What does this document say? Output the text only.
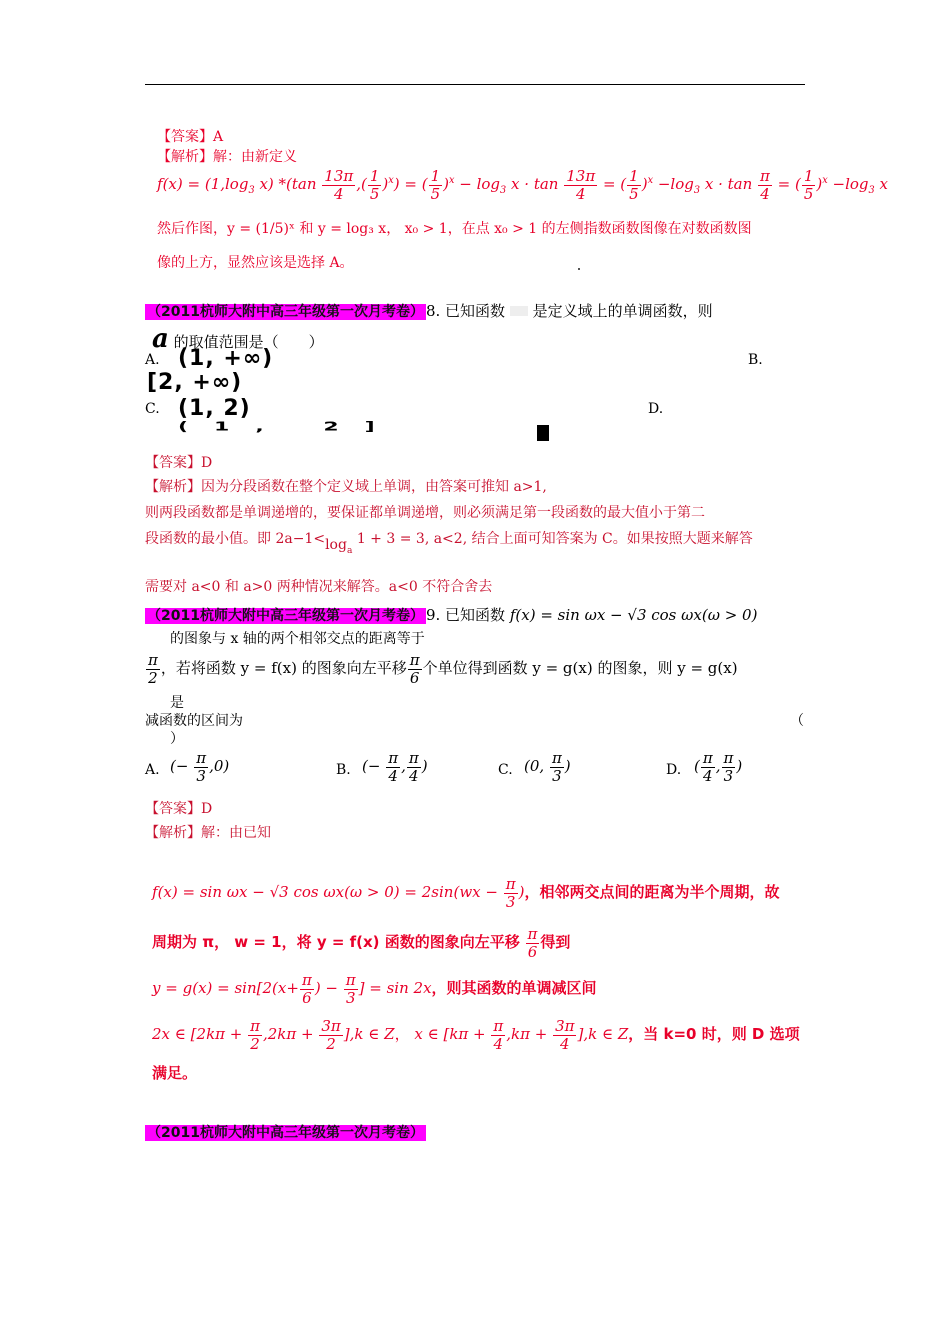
【答案】A
【解析】解：由新定义
$f(x) = (1,\log_3$ x) $*(\tan \frac{13\pi}{4}$ ,( $\frac{1}{5} )^x$) = ( $\frac{1}{5} )^x - \log_3 x \cdot \tan \frac{13\pi}{4}$ = ( $\frac{1}{5} )^x -\log_3$ $x \cdot \tan \frac{\pi}{4}$ = ( $\frac{1}{5} )^x -\log_3$ x
然后作图，y = (1/5)ˣ 和 y = log₃ x， x₀ > 1，在点 x₀ > 1 的左侧指数函数图像在对数函数图
像的上方，显然应该是选择 A。
（2011杭师大附中高三年级第一次月考卷） 8. 已知函数 是定义域上的单调函数，则
a 的取值范围是（　　）
A. (1, +∞)	B.
[2, +∞)
C. (1, 2)	D.
(1, 2]
【答案】D
【解析】因为分段函数在整个定义域上单调，由答案可推知 a>1,
则两段函数都是单调递增的，要保证都单调递增，则必须满足第一段函数的最大值小于第二
段函数的最小值。即 $2a-1<\log_a$ 1 + 3 = 3, a<2, 结合上面可知答案为 C。如果按照大题来解答
需要对 a<0 和 a>0 两种情况来解答。a<0 不符合舍去
（2011杭师大附中高三年级第一次月考卷） 9. 已知函数 f(x) = sin ωx − √3 cos ωx(ω > 0)
的图象与 x 轴的两个相邻交点的距离等于
$\frac{\pi}{2}$ ，若将函数 y = f(x) 的图象向左平移 $\frac{\pi}{6}$ 个单位得到函数 y = g(x) 的图象，则 y = g(x)
是
减函数的区间为	（
）
A. (− $\frac{\pi}{3} ,0$)	B. (− $\frac{\pi}{4}$ , $\frac{\pi}{4}$ )	C. (0, $\frac{\pi}{3}$ )	D. ( $\frac{\pi}{4}$ , $\frac{\pi}{3}$ )
【答案】D
【解析】解：由已知
f(x) = sin ωx − √3 $\cos \omega x(\omega > 0) = 2\sin(wx - \frac{\pi}{3}$ )，相邻两交点间的距离为半个周期，故
周期为 π， w = 1，将 y = f(x) 函数的图象向左平移 $\frac{\pi}{6}$ 得到
$y = g(x) = \sin[2(x+ \frac{\pi}{6}$ ) − $\frac{\pi}{3}$ ] = sin 2x，则其函数的单调减区间
2x ∈ $[2k\pi + \frac{\pi}{2} ,2k\pi + \frac{3\pi}{2} ],k$ ∈ Z， x ∈ $[k\pi + \frac{\pi}{4} ,k\pi + \frac{3\pi}{4} ],k$ ∈ Z，当 k=0 时，则 D 选项
满足。
（2011杭师大附中高三年级第一次月考卷）
